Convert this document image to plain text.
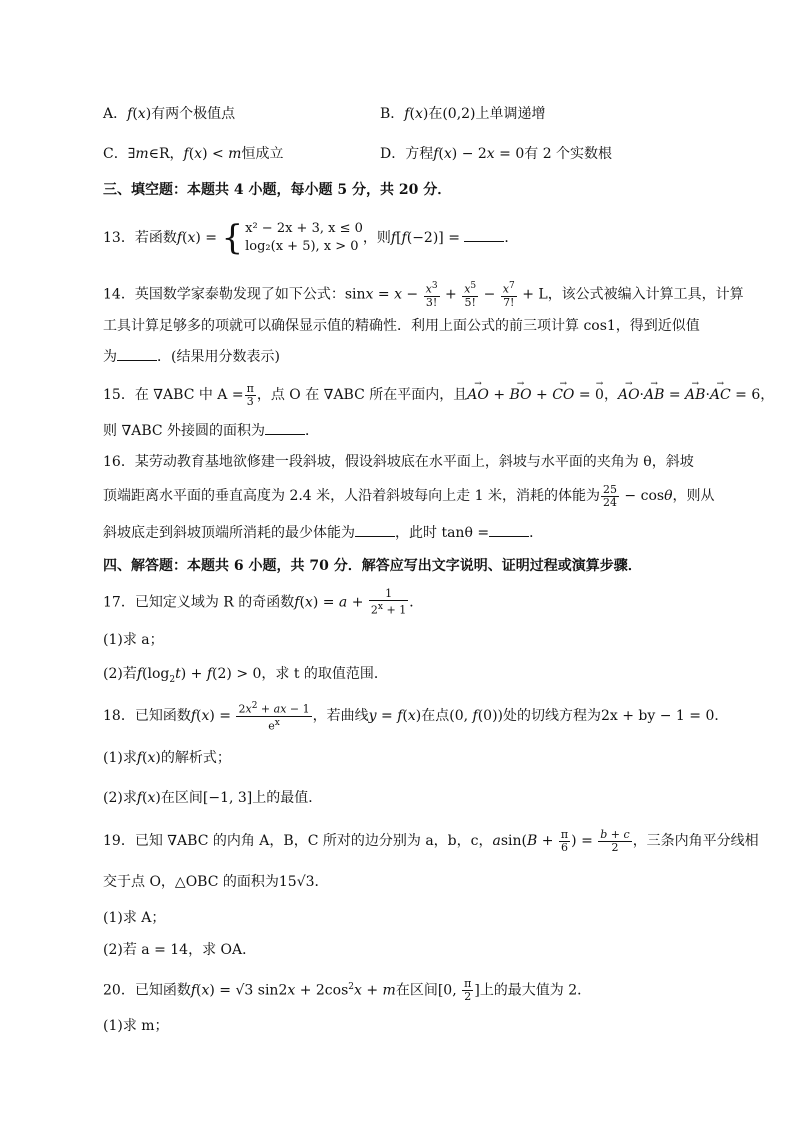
A．f(x)有两个极值点	B．f(x)在(0,2)上单调递增
C．∃m∈R，f(x) < m恒成立	D．方程f(x) − 2x = 0有 2 个实数根
三、填空题：本题共 4 小题，每小题 5 分，共 20 分．
13．若函数f(x) = { x² − 2x + 3, x ≤ 0
log₂(x + 5), x > 0，则f[f(−2)] =	．
14．英国数学家泰勒发现了如下公式：$\sin x = x - \frac{x^3}{3!} + \frac{x^5}{5!} - \frac{x^7}{7!} + L$，该公式被编入计算工具，计算
工具计算足够多的项就可以确保显示值的精确性．利用上面公式的前三项计算 cos1，得到近似值
为	．(结果用分数表示)
15．在 ∇ABC 中 $A = \frac{\pi}{3}$ ，点 O 在 ∇ABC 所在平面内，且→ AO + → BO + → CO = → 0，→ AO·→ AB = → AB·→ AC = 6，
则 ∇ABC 外接圆的面积为	．
16．某劳动教育基地欲修建一段斜坡，假设斜坡底在水平面上，斜坡与水平面的夹角为 θ，斜坡
顶端距离水平面的垂直高度为 2.4 米，人沿着斜坡每向上走 1 米，消耗的体能为 $\frac{25}{24} - \cos\theta$，则从
斜坡底走到斜坡顶端所消耗的最少体能为	，此时 tanθ =	．
四、解答题：本题共 6 小题，共 70 分．解答应写出文字说明、证明过程或演算步骤．
17．已知定义域为 R 的奇函数$f(x) = a + \frac{1}{2^x + 1}$ ．
(1)求 a；
(2)若$f(\log_2t) + f(2) > 0$，求 t 的取值范围．
18．已知函数$f(x) = \frac{2x^2 + ax - 1}{e^x}$ ，若曲线y = f(x)在点(0, f(0))处的切线方程为2x + by − 1 = 0．
(1)求f(x)的解析式；
(2)求f(x)在区间[−1, 3]上的最值．
19．已知 ∇ABC 的内角 A，B，C 所对的边分别为 a，b，c，$asin(B + \frac{\pi}{6}$ ) = $\frac{b + c}{2}$ ，三条内角平分线相
交于点 O，△OBC 的面积为15√3．
(1)求 A；
(2)若 a = 14，求 OA．
20．已知函数f(x) = √3 $\sin 2x + 2\cos^2x + m$在区间[0, $\frac{\pi}{2}$ ]上的最大值为 2．
(1)求 m；
